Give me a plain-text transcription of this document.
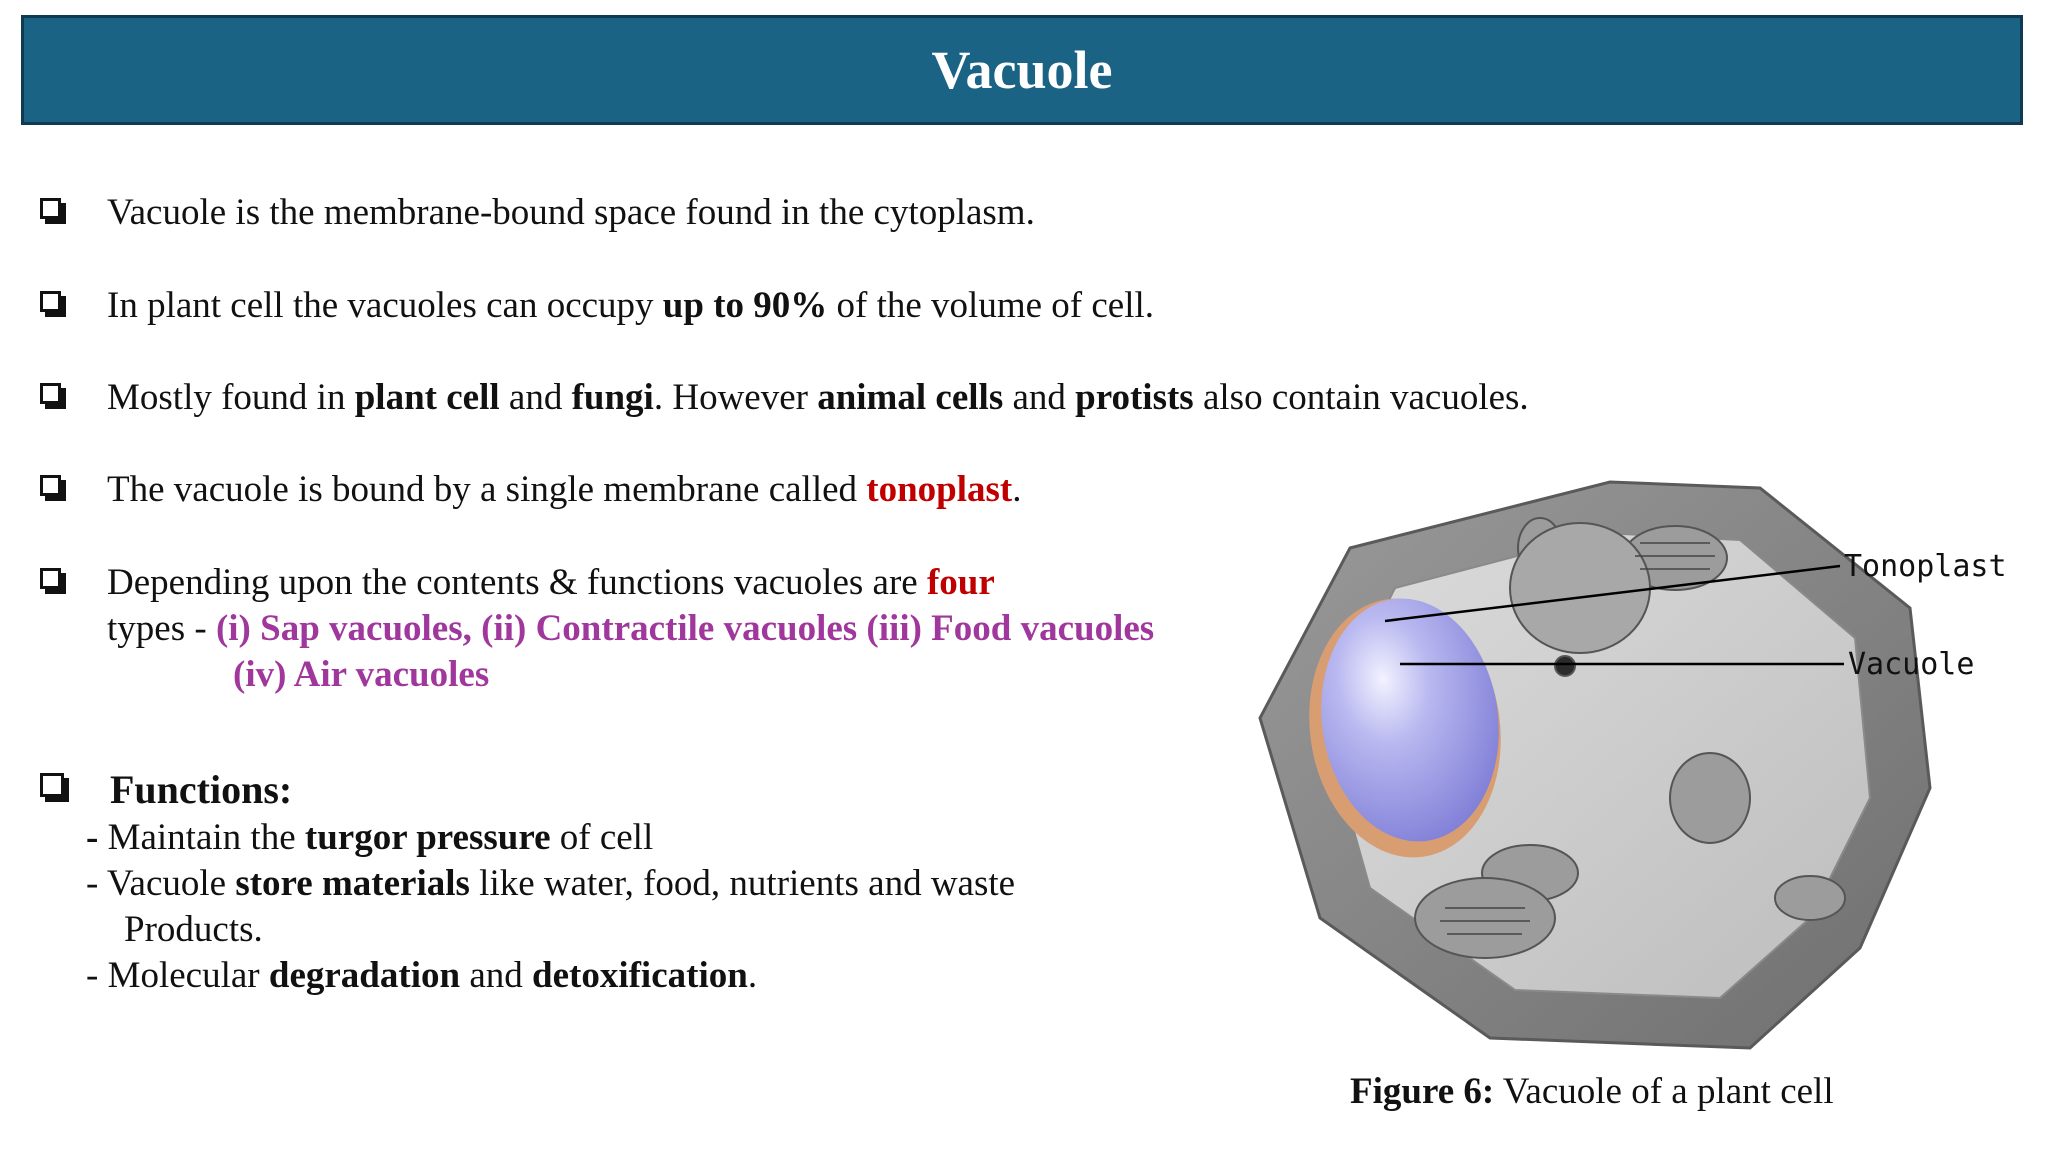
Vacuole
Vacuole is the membrane-bound space found in the cytoplasm.
In plant cell the vacuoles can occupy up to 90% of the volume of cell.
Mostly found in plant cell and fungi. However animal cells and protists also contain vacuoles.
The vacuole is bound by a single membrane called tonoplast.
Depending upon the contents & functions vacuoles are four
types - (i) Sap vacuoles, (ii) Contractile vacuoles (iii) Food vacuoles
(iv) Air vacuoles
Functions:
- Maintain the turgor pressure of cell
- Vacuole store materials like water, food, nutrients and waste
Products.
- Molecular degradation and detoxification.
Tonoplast
Vacuole
Figure 6: Vacuole of a plant cell
